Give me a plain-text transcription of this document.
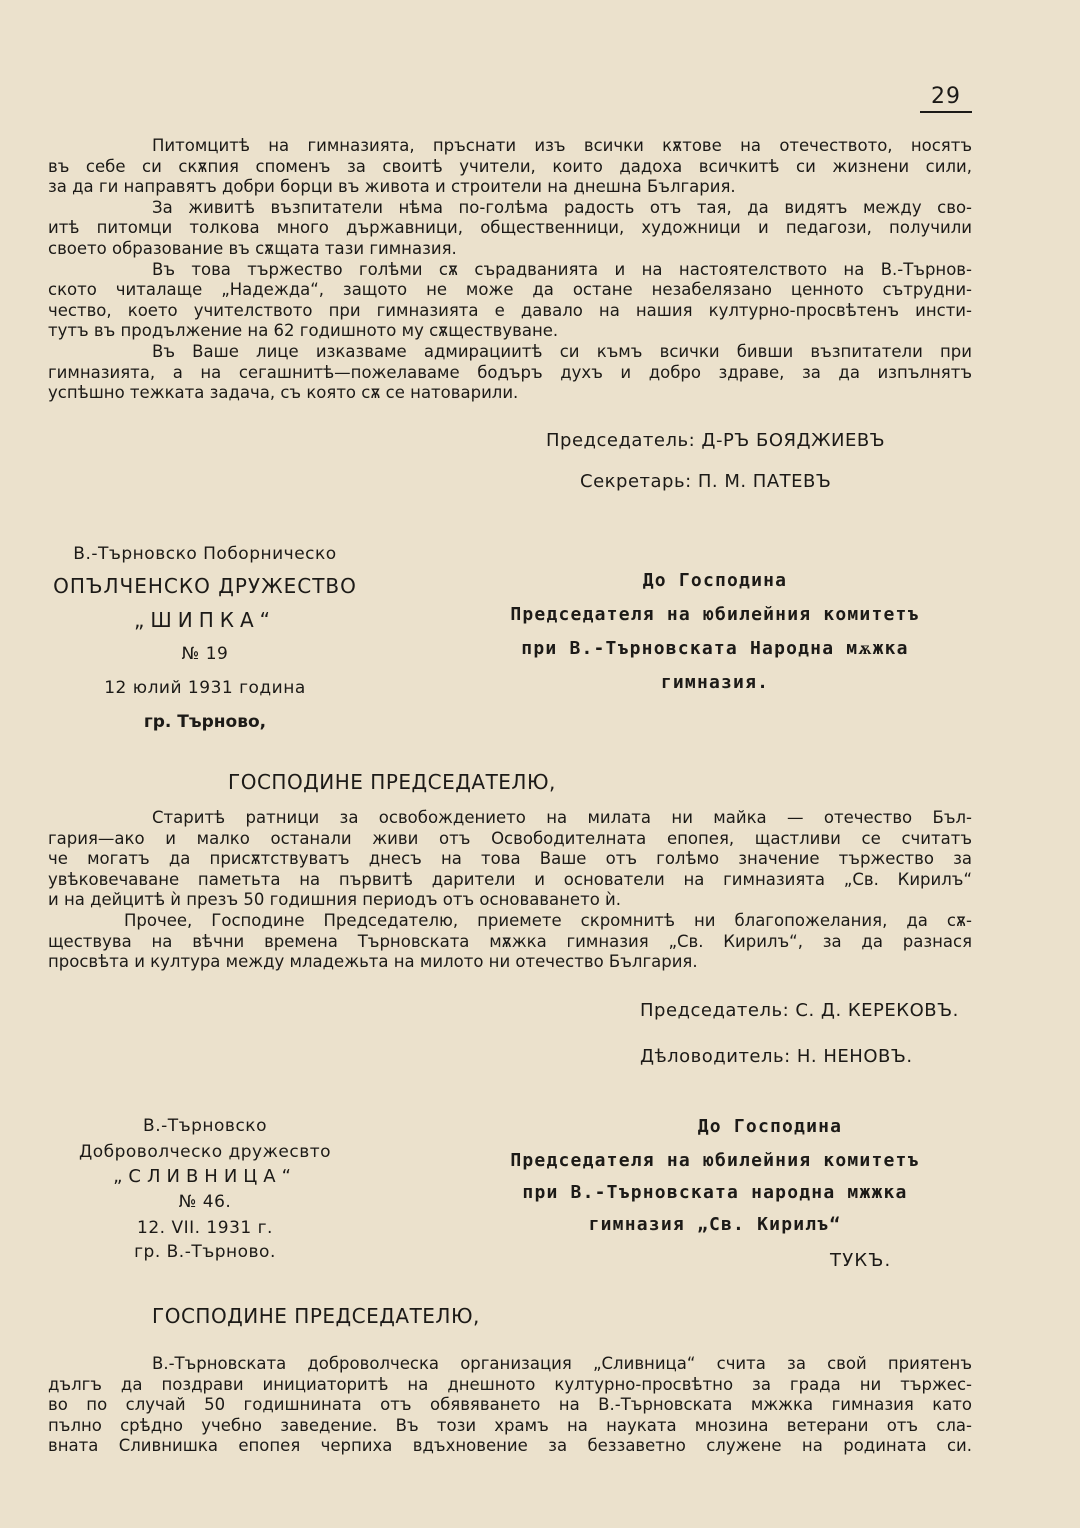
29
Питомцитѣ на гимназията, пръснати изъ всички кѫтове на отечеството, носятъ
въ себе си скѫпия споменъ за своитѣ учители, които дадоха всичкитѣ си жизнени сили,
за да ги направятъ добри борци въ живота и строители на днешна България.
За живитѣ възпитатели нѣма по-голѣма радость отъ тая, да видятъ между сво-
итѣ питомци толкова много държавници, общественници, художници и педагози, получили
своето образование въ сѫщата тази гимназия.
Въ това тържество голѣми сѫ сърадванията и на настоятелството на В.-Търнов-
ското читалаще „Надежда“, защото не може да остане незабелязано ценното сътрудни-
чество, което учителството при гимназията е давало на нашия културно-просвѣтенъ инсти-
тутъ въ продължение на 62 годишното му сѫществуване.
Въ Ваше лице изказваме адмирациитѣ си къмъ всички бивши възпитатели при
гимназията, а на сегашнитѣ—пожелаваме бодъръ духъ и добро здраве, за да изпълнятъ
успѣшно тежката задача, съ която сѫ се натоварили.
Председатель: Д-РЪ БОЯДЖИЕВЪ
Секретарь: П. М. ПАТЕВЪ
В.-Търновско Поборническо
ОПЪЛЧЕНСКО ДРУЖЕСТВО
„ШИПКА“
№ 19
12 юлий 1931 година
гр. Търново,
До Господина
Председателя на юбилейния комитетъ
при В.-Търновската Народна мѫжка
гимназия.
ГОСПОДИНЕ ПРЕДСЕДАТЕЛЮ,
Старитѣ ратници за освобождението на милата ни майка — отечество Бъл-
гария—ако и малко останали живи отъ Освободителната епопея, щастливи се считатъ
че могатъ да присѫтствуватъ днесъ на това Ваше отъ голѣмо значение тържество за
увѣковечаване паметьта на първитѣ дарители и основатели на гимназията „Св. Кирилъ“
и на дейцитѣ ѝ презъ 50 годишния периодъ отъ основаването ѝ.
Прочее, Господине Председателю, приемете скромнитѣ ни благопожелания, да сѫ-
ществува на вѣчни времена Търновската мѫжка гимназия „Св. Кирилъ“, за да разнася
просвѣта и култура между младежьта на милото ни отечество България.
Председатель: С. Д. КЕРЕКОВЪ.
Дѣловодитель: Н. НЕНОВЪ.
В.-Търновско
Доброволческо дружесвто
„СЛИВНИЦА“
№ 46.
12. VII. 1931 г.
гр. В.-Търново.
До Господина
Председателя на юбилейния комитетъ
при В.-Търновската народна мжжка
гимназия „Св. Кирилъ“
ТУКЪ.
ГОСПОДИНЕ ПРЕДСЕДАТЕЛЮ,
В.-Търновската доброволческа организация „Сливница“ счита за свой приятенъ
дългъ да поздрави инициаторитѣ на днешното културно-просвѣтно за града ни тържес-
во по случай 50 годишнината отъ обявяването на В.-Търновската мжжка гимназия като
пълно срѣдно учебно заведение. Въ този храмъ на науката мнозина ветерани отъ сла-
вната Сливнишка епопея черпиха вдъхновение за беззаветно служене на родината си.
